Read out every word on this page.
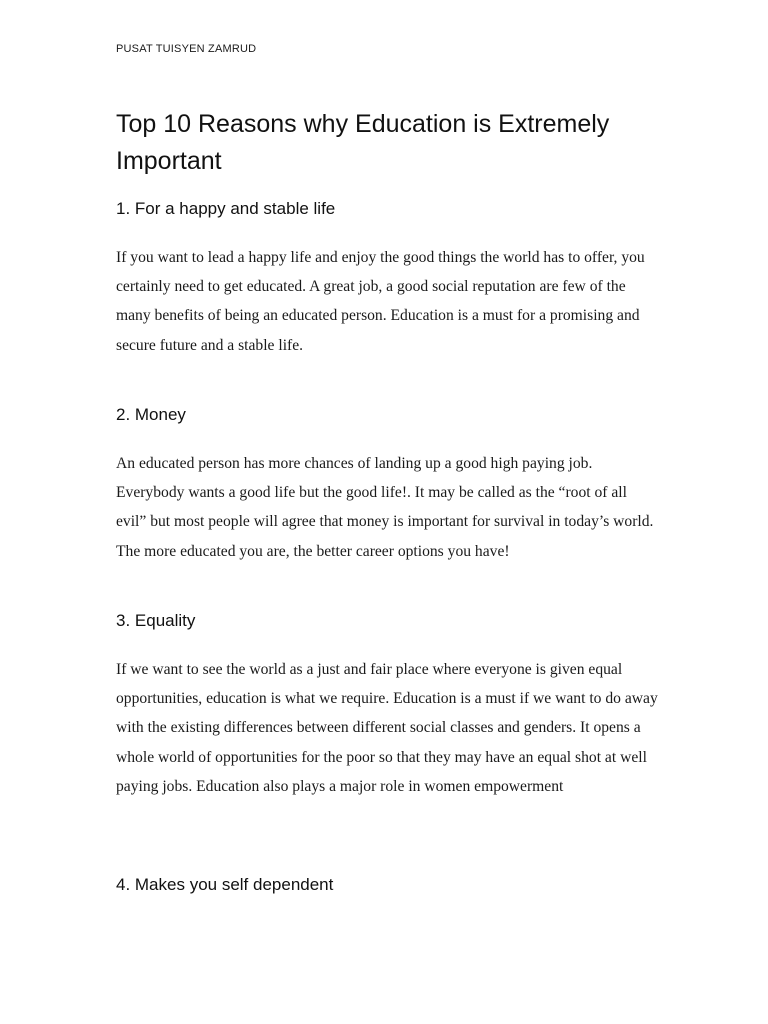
PUSAT TUISYEN ZAMRUD
Top 10 Reasons why Education is Extremely Important
1. For a happy and stable life

If you want to lead a happy life and enjoy the good things the world has to offer, you certainly need to get educated. A great job, a good social reputation are few of the many benefits of being an educated person. Education is a must for a promising and secure future and a stable life.

2. Money

An educated person has more chances of landing up a good high paying job. Everybody wants a good life but the good life!. It may be called as the “root of all evil” but most people will agree that money is important for survival in today’s world. The more educated you are, the better career options you have!

3. Equality

If we want to see the world as a just and fair place where everyone is given equal opportunities, education is what we require. Education is a must if we want to do away with the existing differences between different social classes and genders. It opens a whole world of opportunities for the poor so that they may have an equal shot at well paying jobs. Education also plays a major role in women empowerment

4. Makes you self dependent
